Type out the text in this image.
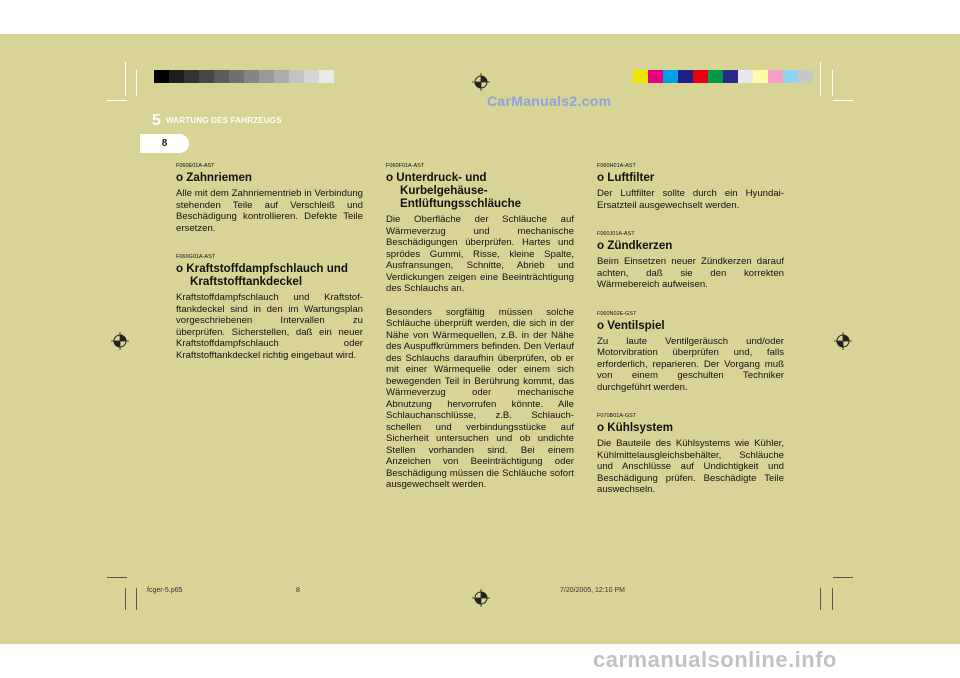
CarManuals2.com
5 WARTUNG DES FAHRZEUGS
8

F060E01A-AST

o Zahnriemen

Alle mit dem Zahnriementrieb in Verbindung stehenden Teile auf Verschleiß und Beschädigung kontrollieren. Defekte Teile ersetzen.

F060G01A-AST

o Kraftstoffdampfschlauch und Kraftstofftankdeckel

Kraftstoffdampfschlauch und Kraftstof-ftankdeckel sind in den im Wartungsplan vorgeschriebenen Intervallen zu überprüfen. Sicherstellen, daß ein neuer Kraftstoffdampfschlauch oder Kraftstofftankdeckel richtig eingebaut wird.

F060F01A-AST

o Unterdruck- und Kurbelgehäuse-Entlüftungsschläuche

Die Oberfläche der Schläuche auf Wärmeverzug und mechanische Beschädigungen überprüfen. Hartes und sprödes Gummi, Risse, kleine Spalte, Ausfransungen, Schnitte, Abrieb und Verdickungen zeigen eine Beeinträchtigung des Schlauchs an.

Besonders sorgfältig müssen solche Schläuche überprüft werden, die sich in der Nähe von Wärmequellen, z.B. in der Nähe des Auspuffkrümmers befinden. Den Verlauf des Schlauchs daraufhin überprüfen, ob er mit einer Wärmequelle oder einem sich bewegenden Teil in Berührung kommt, das Wärmeverzug oder mechanische Abnutzung hervorrufen könnte. Alle Schlauchanschlüsse, z.B. Schlauch-schellen und verbindungsstücke auf Sicherheit untersuchen und ob undichte Stellen vorhanden sind. Bei einem Anzeichen von Beeinträchtigung oder Beschädigung müssen die Schläuche sofort ausgewechselt werden.

F060H01A-AST

o Luftfilter

Der Luftfilter sollte durch ein Hyundai-Ersatzteil ausgewechselt werden.

F060J01A-AST

o Zündkerzen

Beim Einsetzen neuer Zündkerzen darauf achten, daß sie den korrekten Wärmebereich aufweisen.

F060N02E-GST

o Ventilspiel

Zu laute Ventilgeräusch und/oder Motorvibration überprüfen und, falls erforderlich, reparieren. Der Vorgang muß von einem geschulten Techniker durchgeführt werden.

F070B01A-GST

o Kühlsystem

Die Bauteile des Kühlsystems wie Kühler, Kühlmittelausgleichsbehälter, Schläuche und Anschlüsse auf Undichtigkeit und Beschädigung prüfen. Beschädigte Teile auswechseln.

fcger-5.p65	8	7/20/2005, 12:10 PM
carmanualsonline.info
